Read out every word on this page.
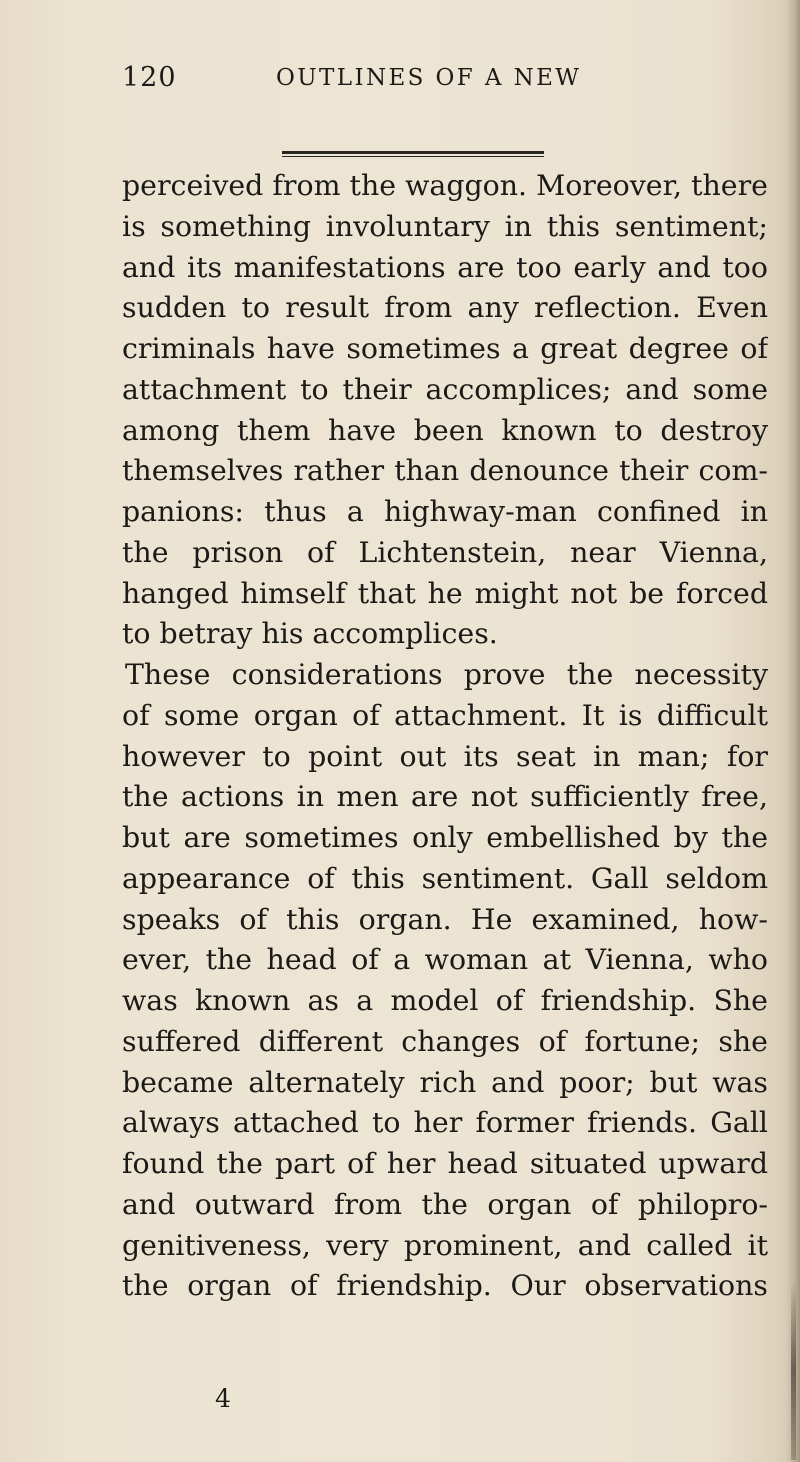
120	OUTLINES OF A NEW
perceived from the waggon. Moreover, there
is something involuntary in this sentiment;
and its manifestations are too early and too
sudden to result from any reflection. Even
criminals have sometimes a great degree of
attachment to their accomplices; and some
among them have been known to destroy
themselves rather than denounce their com-
panions: thus a highway-man confined in
the prison of Lichtenstein, near Vienna,
hanged himself that he might not be forced
to betray his accomplices.
These considerations prove the necessity
of some organ of attachment. It is difficult
however to point out its seat in man; for
the actions in men are not sufficiently free,
but are sometimes only embellished by the
appearance of this sentiment. Gall seldom
speaks of this organ. He examined, how-
ever, the head of a woman at Vienna, who
was known as a model of friendship. She
suffered different changes of fortune; she
became alternately rich and poor; but was
always attached to her former friends. Gall
found the part of her head situated upward
and outward from the organ of philopro-
genitiveness, very prominent, and called it
the organ of friendship. Our observations
4
